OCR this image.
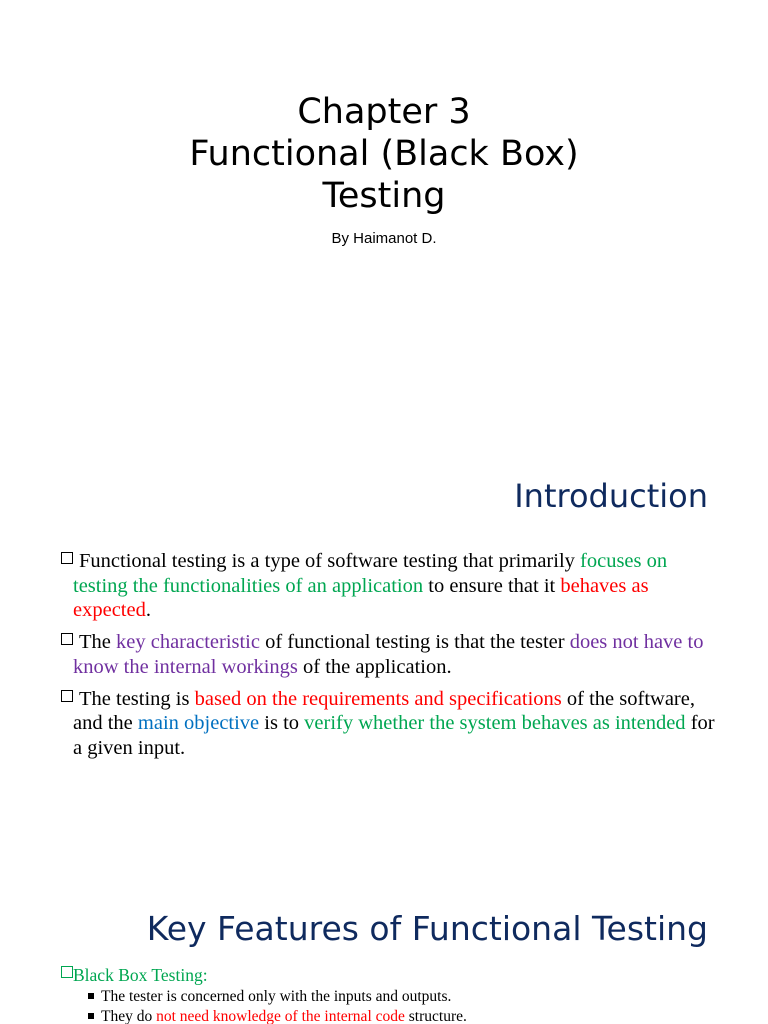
Chapter 3
Functional (Black Box)
Testing
By Haimanot D.
Introduction
Functional testing is a type of software testing that primarily focuses on testing the functionalities of an application to ensure that it behaves as expected.
The key characteristic of functional testing is that the tester does not have to know the internal workings of the application.
The testing is based on the requirements and specifications of the software, and the main objective is to verify whether the system behaves as intended for a given input.
Key Features of Functional Testing
Black Box Testing:
The tester is concerned only with the inputs and outputs.
They do not need knowledge of the internal code structure.
